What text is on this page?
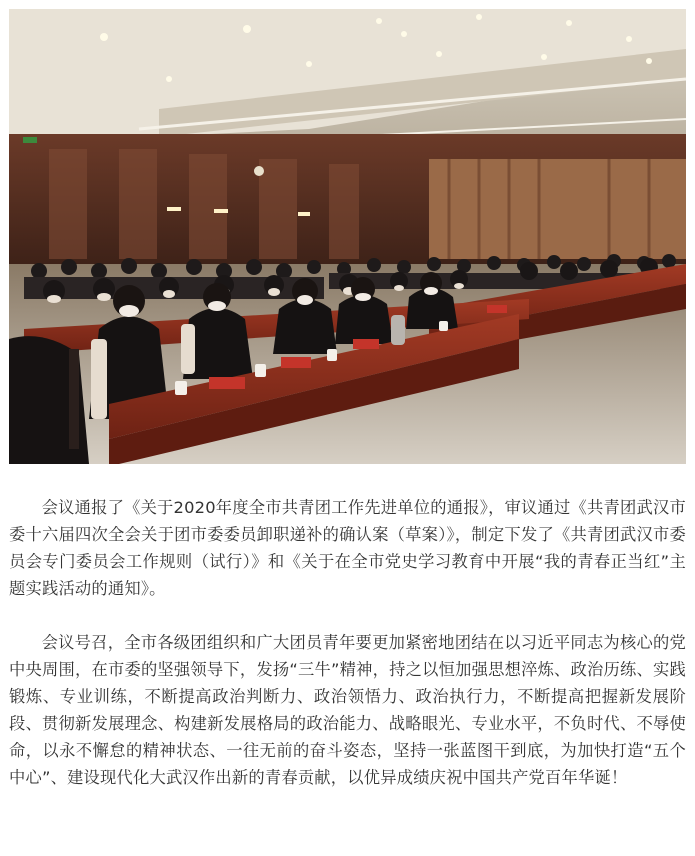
会议通报了《关于2020年度全市共青团工作先进单位的通报》，审议通过《共青团武汉市委十六届四次全会关于团市委委员卸职递补的确认案（草案）》，制定下发了《共青团武汉市委员会专门委员会工作规则（试行）》和《关于在全市党史学习教育中开展“我的青春正当红”主题实践活动的通知》。

会议号召，全市各级团组织和广大团员青年要更加紧密地团结在以习近平同志为核心的党中央周围，在市委的坚强领导下，发扬“三牛”精神，持之以恒加强思想淬炼、政治历练、实践锻炼、专业训练，不断提高政治判断力、政治领悟力、政治执行力，不断提高把握新发展阶段、贯彻新发展理念、构建新发展格局的政治能力、战略眼光、专业水平，不负时代、不辱使命，以永不懈怠的精神状态、一往无前的奋斗姿态，坚持一张蓝图干到底，为加快打造“五个中心”、建设现代化大武汉作出新的青春贡献，以优异成绩庆祝中国共产党百年华诞！
